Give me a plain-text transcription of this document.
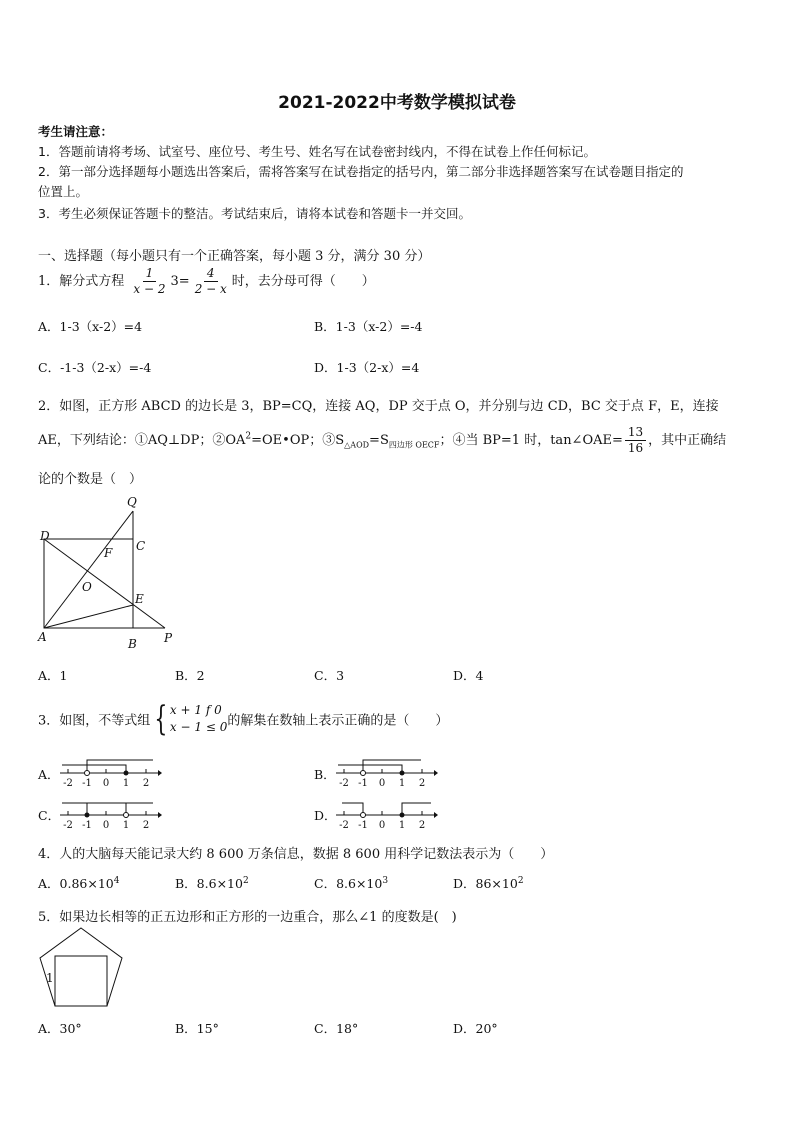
2021-2022中考数学模拟试卷
考生请注意：
1．答题前请将考场、试室号、座位号、考生号、姓名写在试卷密封线内，不得在试卷上作任何标记。
2．第一部分选择题每小题选出答案后，需将答案写在试卷指定的括号内，第二部分非选择题答案写在试卷题目指定的
位置上。
3．考生必须保证答题卡的整洁。考试结束后，请将本试卷和答题卡一并交回。
一、选择题（每小题只有一个正确答案，每小题 3 分，满分 30 分）
1．解分式方程 $\frac{1}{x - 2} 3= \frac{4}{2 - x}$ 时，去分母可得（　　）
A．1-3（x-2）=4	B．1-3（x-2）=-4
C．-1-3（2-x）=-4	D．1-3（2-x）=4
2．如图，正方形 ABCD 的边长是 3，BP=CQ，连接 AQ，DP 交于点 O，并分别与边 CD，BC 交于点 F，E，连接
AE，下列结论：①AQ⊥DP；$②OA^2=OE•OP$；$③S_{\triangle AOD}=S_{四边形 OECF}$；④当 BP=1 时，tan∠OAE= $\frac{13}{16}$ ，其中正确结
论的个数是（　）
Q
D
C
F
O
E
A	B P
A．1	B．2	C．3	D．4
3．如图，不等式组 { x + 1 f 0
x − 1 ≤ 0 的解集在数轴上表示正确的是（　　）
A．
-2 -1 0 1 2
B．
-2 -1 0 1 2
C．
-2 -1 0 1 2
D．
-2 -1 0 1 2
4．人的大脑每天能记录大约 8 600 万条信息，数据 8 600 用科学记数法表示为（　　）
A．$0.86\times 10^4$	B．$8.6\times 10^2$	C．$8.6\times 10^3$	D．$86\times 10^2$
5．如果边长相等的正五边形和正方形的一边重合，那么∠1 的度数是(　)
1
A．30°	B．15°	C．18°	D．20°
